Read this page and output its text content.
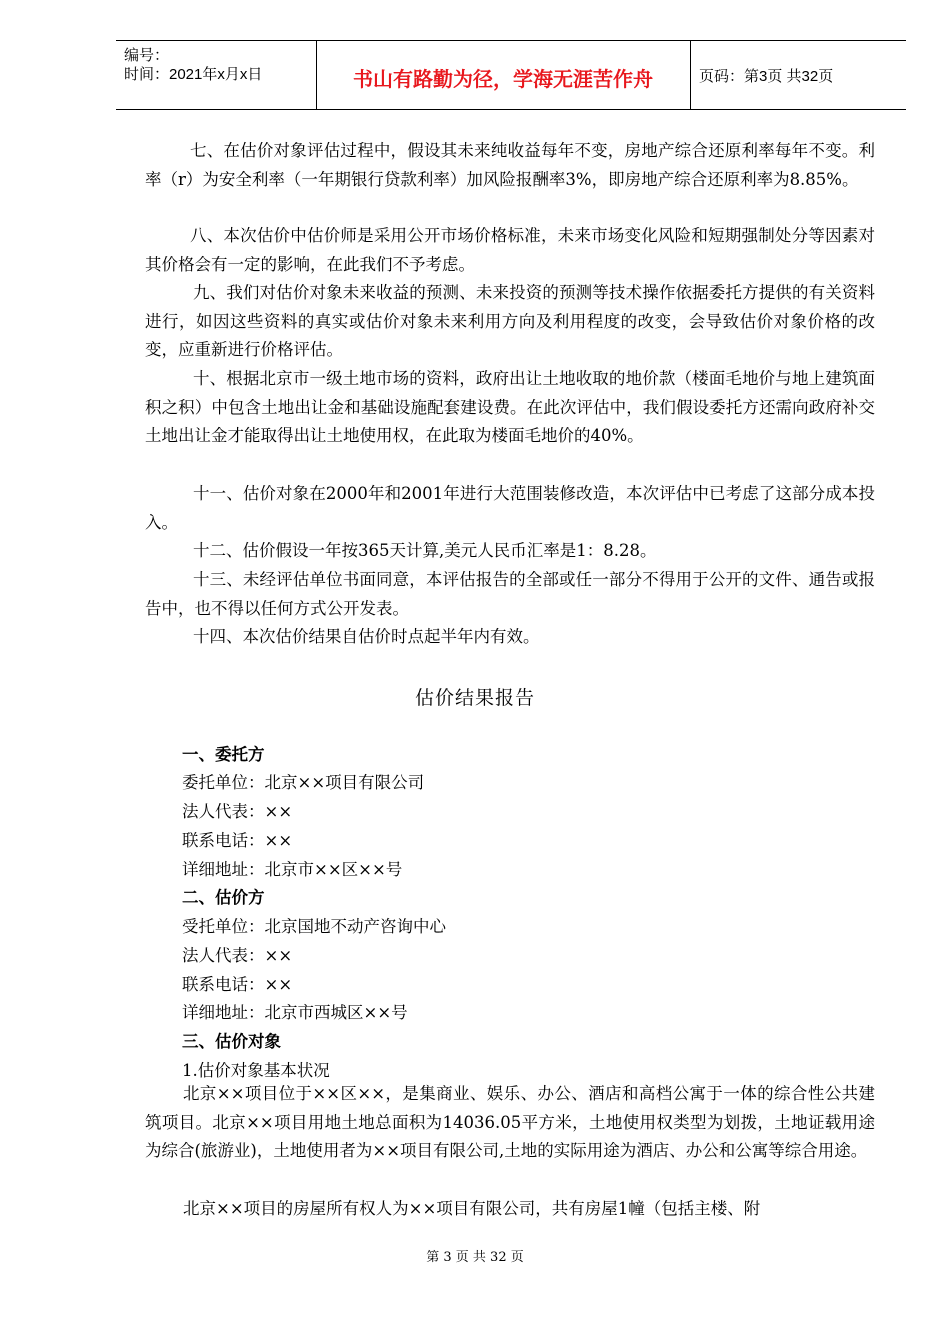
编号：
时间：2021年x月x日	书山有路勤为径，学海无涯苦作舟	页码：第3页 共32页
七、在估价对象评估过程中，假设其未来纯收益每年不变，房地产综合还原利率每年不变。利率（r）为安全利率（一年期银行贷款利率）加风险报酬率3%，即房地产综合还原利率为8.85%。
八、本次估价中估价师是采用公开市场价格标准，未来市场变化风险和短期强制处分等因素对其价格会有一定的影响，在此我们不予考虑。
九、我们对估价对象未来收益的预测、未来投资的预测等技术操作依据委托方提供的有关资料进行，如因这些资料的真实或估价对象未来利用方向及利用程度的改变，会导致估价对象价格的改变，应重新进行价格评估。
十、根据北京市一级土地市场的资料，政府出让土地收取的地价款（楼面毛地价与地上建筑面积之积）中包含土地出让金和基础设施配套建设费。在此次评估中，我们假设委托方还需向政府补交土地出让金才能取得出让土地使用权，在此取为楼面毛地价的40%。
十一、估价对象在2000年和2001年进行大范围装修改造，本次评估中已考虑了这部分成本投入。
十二、估价假设一年按365天计算,美元人民币汇率是1：8.28。
十三、未经评估单位书面同意，本评估报告的全部或任一部分不得用于公开的文件、通告或报告中，也不得以任何方式公开发表。
十四、本次估价结果自估价时点起半年内有效。
估价结果报告
一、委托方
委托单位：北京××项目有限公司
法人代表：××
联系电话：××
详细地址：北京市××区××号
二、估价方
受托单位：北京国地不动产咨询中心
法人代表：××
联系电话：××
详细地址：北京市西城区××号
三、估价对象
1.估价对象基本状况
北京××项目位于××区××，是集商业、娱乐、办公、酒店和高档公寓于一体的综合性公共建筑项目。北京××项目用地土地总面积为14036.05平方米，土地使用权类型为划拨，土地证载用途为综合(旅游业)，土地使用者为××项目有限公司,土地的实际用途为酒店、办公和公寓等综合用途。
北京××项目的房屋所有权人为××项目有限公司，共有房屋1幢（包括主楼、附
第 3 页 共 32 页
